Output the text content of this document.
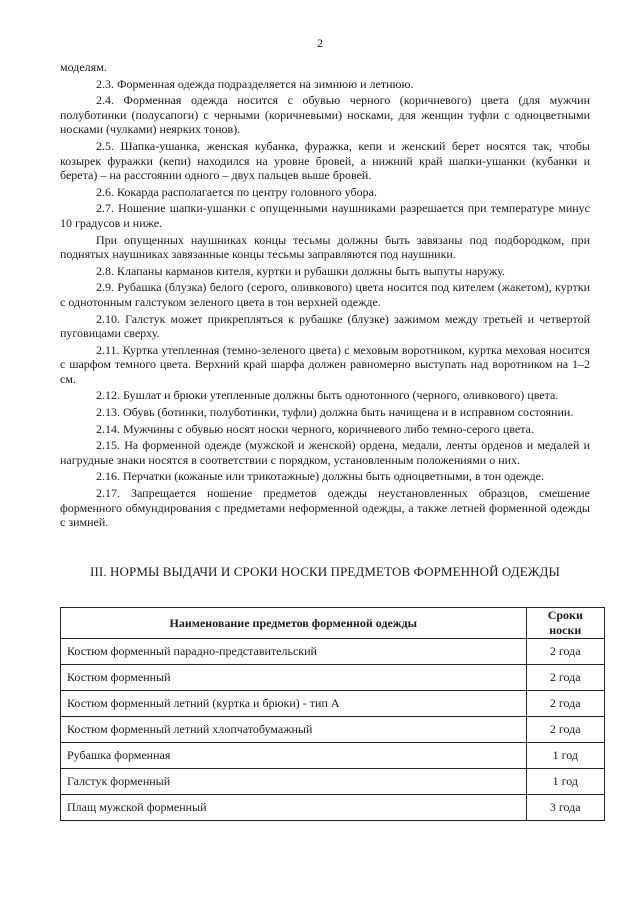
2

моделям.

2.3. Форменная одежда подразделяется на зимнюю и летнюю.

2.4. Форменная одежда носится с обувью черного (коричневого) цвета (для мужчин полуботинки (полусапоги) с черными (коричневыми) носками, для женщин туфли с одноцветными носками (чулками) неярких тонов).

2.5. Шапка-ушанка, женская кубанка, фуражка, кепи и женский берет носятся так, чтобы козырек фуражки (кепи) находился на уровне бровей, а нижний край шапки-ушанки (кубанки и берета) – на расстоянии одного – двух пальцев выше бровей.

2.6. Кокарда располагается по центру головного убора.

2.7. Ношение шапки-ушанки с опущенными наушниками разрешается при температуре минус 10 градусов и ниже.

При опущенных наушниках концы тесьмы должны быть завязаны под подбородком, при поднятых наушниках завязанные концы тесьмы заправляются под наушники.

2.8. Клапаны карманов кителя, куртки и рубашки должны быть выпуты наружу.

2.9. Рубашка (блузка) белого (серого, оливкового) цвета носится под кителем (жакетом), куртки с однотонным галстуком зеленого цвета в тон верхней одежде.

2.10. Галстук может прикрепляться к рубашке (блузке) зажимом между третьей и четвертой пуговицами сверху.

2.11. Куртка утепленная (темно-зеленого цвета) с меховым воротником, куртка меховая носится с шарфом темного цвета. Верхний край шарфа должен равномерно выступать над воротником на 1–2 см.

2.12. Бушлат и брюки утепленные должны быть однотонного (черного, оливкового) цвета.

2.13. Обувь (ботинки, полуботинки, туфли) должна быть начищена и в исправном состоянии.

2.14. Мужчины с обувью носят носки черного, коричневого либо темно-серого цвета.

2.15. На форменной одежде (мужской и женской) ордена, медали, ленты орденов и медалей и нагрудные знаки носятся в соответствии с порядком, установленным положениями о них.

2.16. Перчатки (кожаные или трикотажные) должны быть одноцветными, в тон одежде.

2.17. Запрещается ношение предметов одежды неустановленных образцов, смешение форменного обмундирования с предметами неформенной одежды, а также летней форменной одежды с зимней.

III. НОРМЫ ВЫДАЧИ И СРОКИ НОСКИ ПРЕДМЕТОВ ФОРМЕННОЙ ОДЕЖДЫ
Наименование предметов форменной одежды	Сроки носки
Костюм форменный парадно-представительский	2 года
Костюм форменный	2 года
Костюм форменный летний (куртка и брюки) - тип А	2 года
Костюм форменный летний хлопчатобумажный	2 года
Рубашка форменная	1 год
Галстук форменный	1 год
Плащ мужской форменный	3 года
